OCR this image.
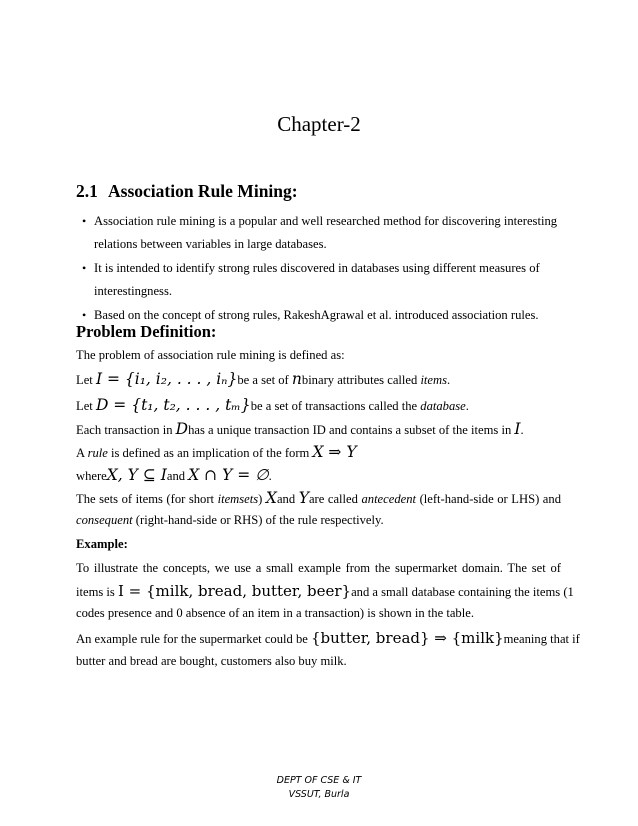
Chapter-2
2.1 Association Rule Mining:
• Association rule mining is a popular and well researched method for discovering interesting
relations between variables in large databases.
• It is intended to identify strong rules discovered in databases using different measures of
interestingness.
• Based on the concept of strong rules, RakeshAgrawal et al. introduced association rules.
Problem Definition:
The problem of association rule mining is defined as:
Let I = {i₁, i₂, . . . , iₙ}be a set of nbinary attributes called items.
Let D = {t₁, t₂, . . . , tₘ}be a set of transactions called the database.
Each transaction in Dhas a unique transaction ID and contains a subset of the items in I.
A rule is defined as an implication of the form X ⇒ Y
whereX, Y ⊆ Iand X ∩ Y = ∅.
The sets of items (for short itemsets) Xand Yare called antecedent (left-hand-side or LHS) and
consequent (right-hand-side or RHS) of the rule respectively.
Example:
To illustrate the concepts, we use a small example from the supermarket domain. The set of
items is I = {milk, bread, butter, beer}and a small database containing the items (1
codes presence and 0 absence of an item in a transaction) is shown in the table.
An example rule for the supermarket could be {butter, bread} ⇒ {milk}meaning that if
butter and bread are bought, customers also buy milk.
DEPT OF CSE & IT
VSSUT, Burla
